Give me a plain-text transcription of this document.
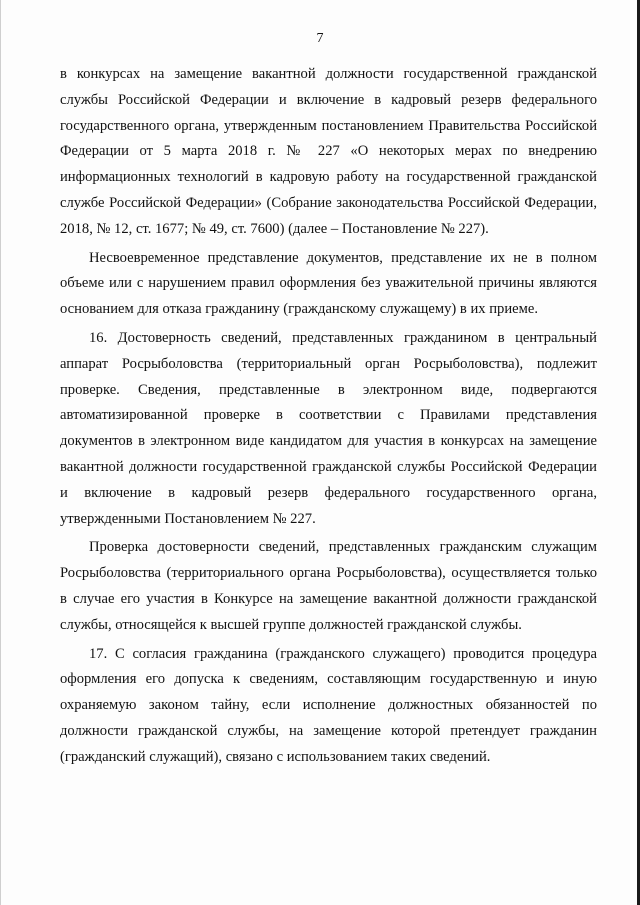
7

в конкурсах на замещение вакантной должности государственной гражданской службы Российской Федерации и включение в кадровый резерв федерального государственного органа, утвержденным постановлением Правительства Российской Федерации от 5 марта 2018 г. № 227 «О некоторых мерах по внедрению информационных технологий в кадровую работу на государственной гражданской службе Российской Федерации» (Собрание законодательства Российской Федерации, 2018, № 12, ст. 1677; № 49, ст. 7600) (далее – Постановление № 227).

Несвоевременное представление документов, представление их не в полном объеме или с нарушением правил оформления без уважительной причины являются основанием для отказа гражданину (гражданскому служащему) в их приеме.

16. Достоверность сведений, представленных гражданином в центральный аппарат Росрыболовства (территориальный орган Росрыболовства), подлежит проверке. Сведения, представленные в электронном виде, подвергаются автоматизированной проверке в соответствии с Правилами представления документов в электронном виде кандидатом для участия в конкурсах на замещение вакантной должности государственной гражданской службы Российской Федерации и включение в кадровый резерв федерального государственного органа, утвержденными Постановлением № 227.

Проверка достоверности сведений, представленных гражданским служащим Росрыболовства (территориального органа Росрыболовства), осуществляется только в случае его участия в Конкурсе на замещение вакантной должности гражданской службы, относящейся к высшей группе должностей гражданской службы.

17. С согласия гражданина (гражданского служащего) проводится процедура оформления его допуска к сведениям, составляющим государственную и иную охраняемую законом тайну, если исполнение должностных обязанностей по должности гражданской службы, на замещение которой претендует гражданин (гражданский служащий), связано с использованием таких сведений.
